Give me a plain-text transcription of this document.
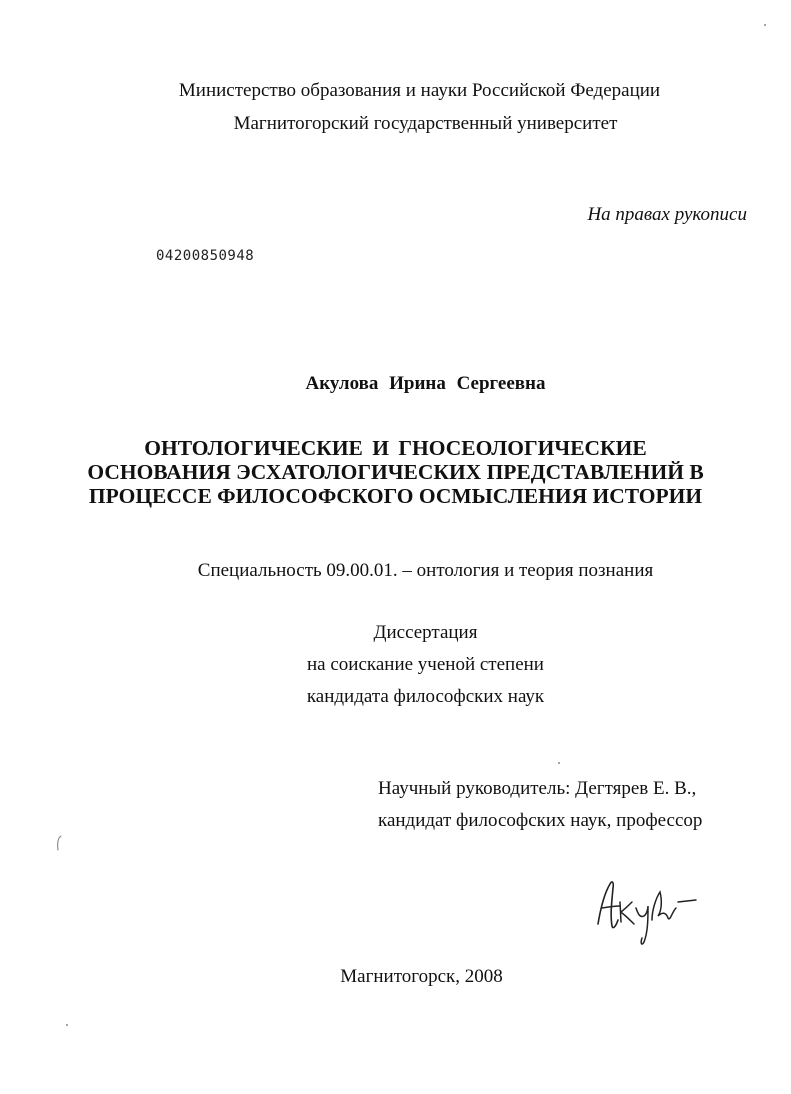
Министерство образования и науки Российской Федерации
Магнитогорский государственный университет
На правах рукописи
04200850948
Акулова Ирина Сергеевна
ОНТОЛОГИЧЕСКИЕ И ГНОСЕОЛОГИЧЕСКИЕ
ОСНОВАНИЯ ЭСХАТОЛОГИЧЕСКИХ ПРЕДСТАВЛЕНИЙ В
ПРОЦЕССЕ ФИЛОСОФСКОГО ОСМЫСЛЕНИЯ ИСТОРИИ
Специальность 09.00.01. – онтология и теория познания
Диссертация
на соискание ученой степени
кандидата философских наук
Научный руководитель: Дегтярев Е. В.,
кандидат философских наук, профессор
Магнитогорск, 2008
